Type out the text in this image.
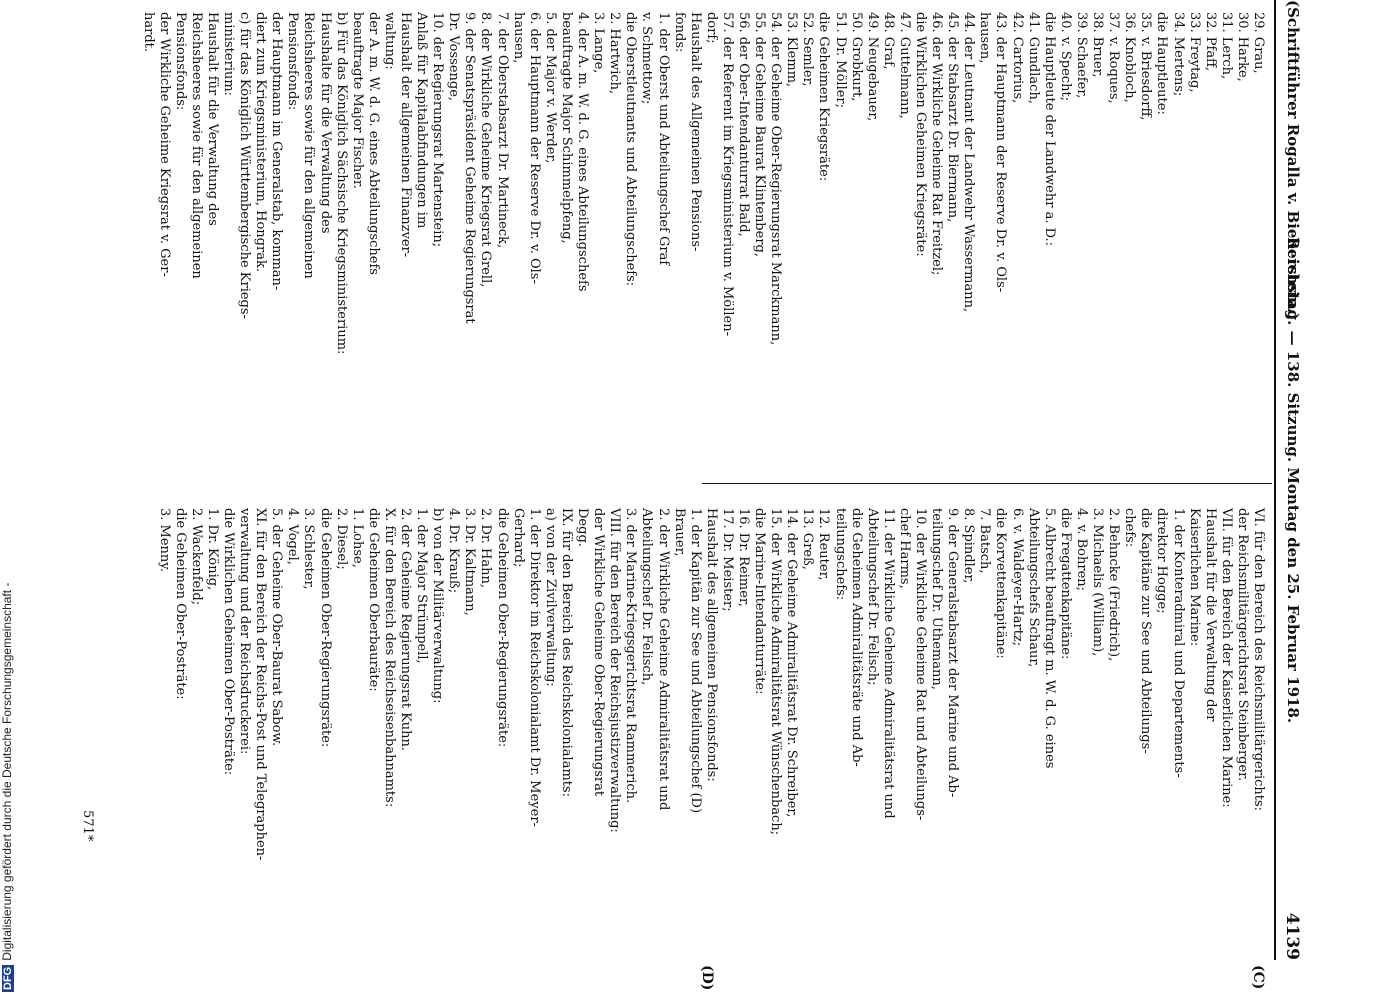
(Schriftführer Rogalla v. Bieberstein.)
Reichstag. — 138. Sitzung. Montag den 25. Februar 1918.
4139
(C)
(D)
29. Grau,
30. Harke,
31. Lerch,
32. Pfaff,
33. Freytag,
34. Mertens;
die Hauptleute:
35. v. Briesdorff,
36. Knobloch,
37. v. Roques,
38. Bruer,
39. Schaefer,
40. v. Specht;
die Hauptleute der Landwehr a. D.:
41. Gundlach,
42. Cartorius,
43. der Hauptmann der Reserve Dr. v. Ols-
hausen,
44. der Leutnant der Landwehr Wassermann,
45. der Stabsarzt Dr. Biermann,
46. der Wirkliche Geheime Rat Freitzel;
die Wirklichen Geheimen Kriegsräte:
47. Guttelmann,
48. Graf,
49. Neugebauer,
50. Grobkurt,
51. Dr. Möller;
die Geheimen Kriegsräte:
52. Semler,
53. Klemm,
54. der Geheime Ober-Regierungsrat Marckmann,
55. der Geheime Baurat Klintenberg,
56. der Ober-Intendanturrat Bald,
57. der Referent im Kriegsministerium v. Möllen-
dorf;
Haushalt des Allgemeinen Pensions-
fonds:
1. der Oberst und Abteilungschef Graf
v. Schmettow;
die Oberstleutnants und Abteilungschefs:
2. Hartwich,
3. Lange,
4. der A. m. W. d. G. eines Abteilungschefs
beauftragte Major Schimmelpfeng,
5. der Major v. Werder,
6. der Hauptmann der Reserve Dr. v. Ols-
hausen,
7. der Oberstabsarzt Dr. Martineck,
8. der Wirkliche Geheime Kriegsrat Grell,
9. der Senatspräsident Geheime Regierungsrat
Dr. Vossenge,
10. der Regierungsrat Martenstein;
Anlaß für Kapitalabfindungen im
Haushalt der allgemeinen Finanzver-
waltung:
der A. m. W. d. G. eines Abteilungschefs
beauftragte Major Fischer.
b) Für das Königlich Sächsische Kriegsministerium:
Haushalte für die Verwaltung des
Reichsheeres sowie für den allgemeinen
Pensionsfonds:
der Hauptmann im Generalstab, komman-
diert zum Kriegsministerium, Hongrak.
c) für das Königlich Württembergische Kriegs-
ministerium:
Haushalt für die Verwaltung des
Reichsheeres sowie für den allgemeinen
Pensionsfonds:
der Wirkliche Geheime Kriegsrat v. Ger-
hardt.
VI. für den Bereich des Reichsmilitärgerichts:
der Reichsmilitärgerichtsrat Steinberger.
VII. für den Bereich der Kaiserlichen Marine:
Haushalt für die Verwaltung der
Kaiserlichen Marine:
1. der Konteradmiral und Departements-
direktor Hogge;
die Kapitäne zur See und Abteilungs-
chefs:
2. Behncke (Friedrich),
3. Michaelis (William),
4. v. Bohren;
die Fregattenkapitäne:
5. Albrecht beauftragt m. W. d. G. eines
Abteilungschefs Schaur,
6. v. Waldeyer-Hartz;
die Korvettenkapitäne:
7. Batsch,
8. Spindler,
9. der Generalstabsarzt der Marine und Ab-
teilungschef Dr. Uthemann,
10. der Wirkliche Geheime Rat und Abteilungs-
chef Harms,
11. der Wirkliche Geheime Admiralitätsrat und
Abteilungschef Dr. Felisch;
die Geheimen Admiralitätsräte und Ab-
teilungschefs:
12. Reuter,
13. Greß,
14. der Geheime Admiralitätsrat Dr. Schreiber,
15. der Wirkliche Admiralitätsrat Wünschenbach;
die Marine-Intendanturräte:
16. Dr. Reimer,
17. Dr. Meister;
Haushalt des allgemeinen Pensionsfonds:
1. der Kapitän zur See und Abteilungschef (D)
Brauer,
2. der Wirkliche Geheime Admiralitätsrat und
Abteilungschef Dr. Felisch,
3. der Marine-Kriegsgerichtsrat Rammerich.
VIII. für den Bereich der Reichsjustizverwaltung:
der Wirkliche Geheime Ober-Regierungsrat
Degg.
IX. für den Bereich des Reichskolonialamts:
a) von der Zivilverwaltung:
1. der Direktor im Reichskolonialamt Dr. Meyer-
Gerhard;
die Geheimen Ober-Regierungsräte:
2. Dr. Hahn,
3. Dr. Kaltmann,
4. Dr. Krauß;
b) von der Militärverwaltung:
1. der Major Strümpell,
2. der Geheime Regierungsrat Kuhn.
X. für den Bereich des Reichseisenbahnamts:
die Geheimen Oberbauräte:
1. Lohse,
2. Diesel;
die Geheimen Ober-Regierungsräte:
3. Schlester,
4. Vogel,
5. der Geheime Ober-Baurat Sabow.
XI. für den Bereich der Reichs-Post und Telegraphen-
verwaltung und der Reichsdruckerei:
die Wirklichen Geheimen Ober-Posträte:
1. Dr. König,
2. Wackenfeld;
die Geheimen Ober-Posträte:
3. Menny.
571*
DFGDigitalisierung gefördert durch die Deutsche Forschungsgemeinschaft -
